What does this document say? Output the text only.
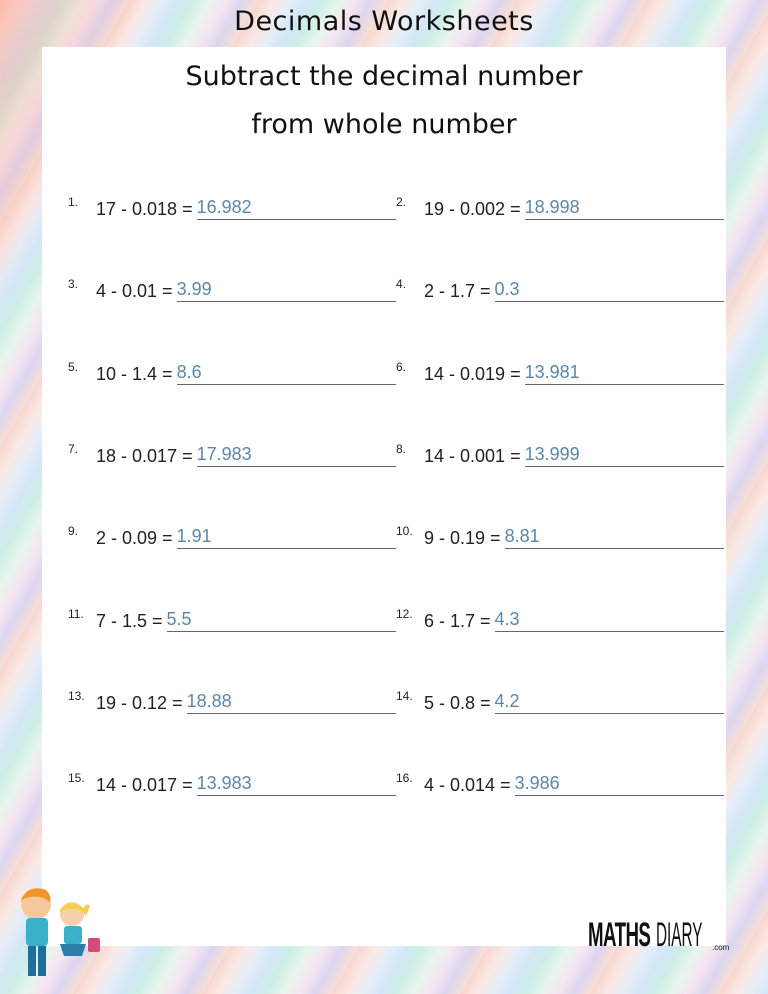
Decimals Worksheets
Subtract the decimal number
from whole number
1. 17 - 0.018 = 16.982	2. 19 - 0.002 = 18.998
3. 4 - 0.01 = 3.99	4. 2 - 1.7 = 0.3
5. 10 - 1.4 = 8.6	6. 14 - 0.019 = 13.981
7. 18 - 0.017 = 17.983	8. 14 - 0.001 = 13.999
9. 2 - 0.09 = 1.91	10. 9 - 0.19 = 8.81
11. 7 - 1.5 = 5.5	12. 6 - 1.7 = 4.3
13. 19 - 0.12 = 18.88	14. 5 - 0.8 = 4.2
15. 14 - 0.017 = 13.983	16. 4 - 0.014 = 3.986
MATHS DIARY .com
